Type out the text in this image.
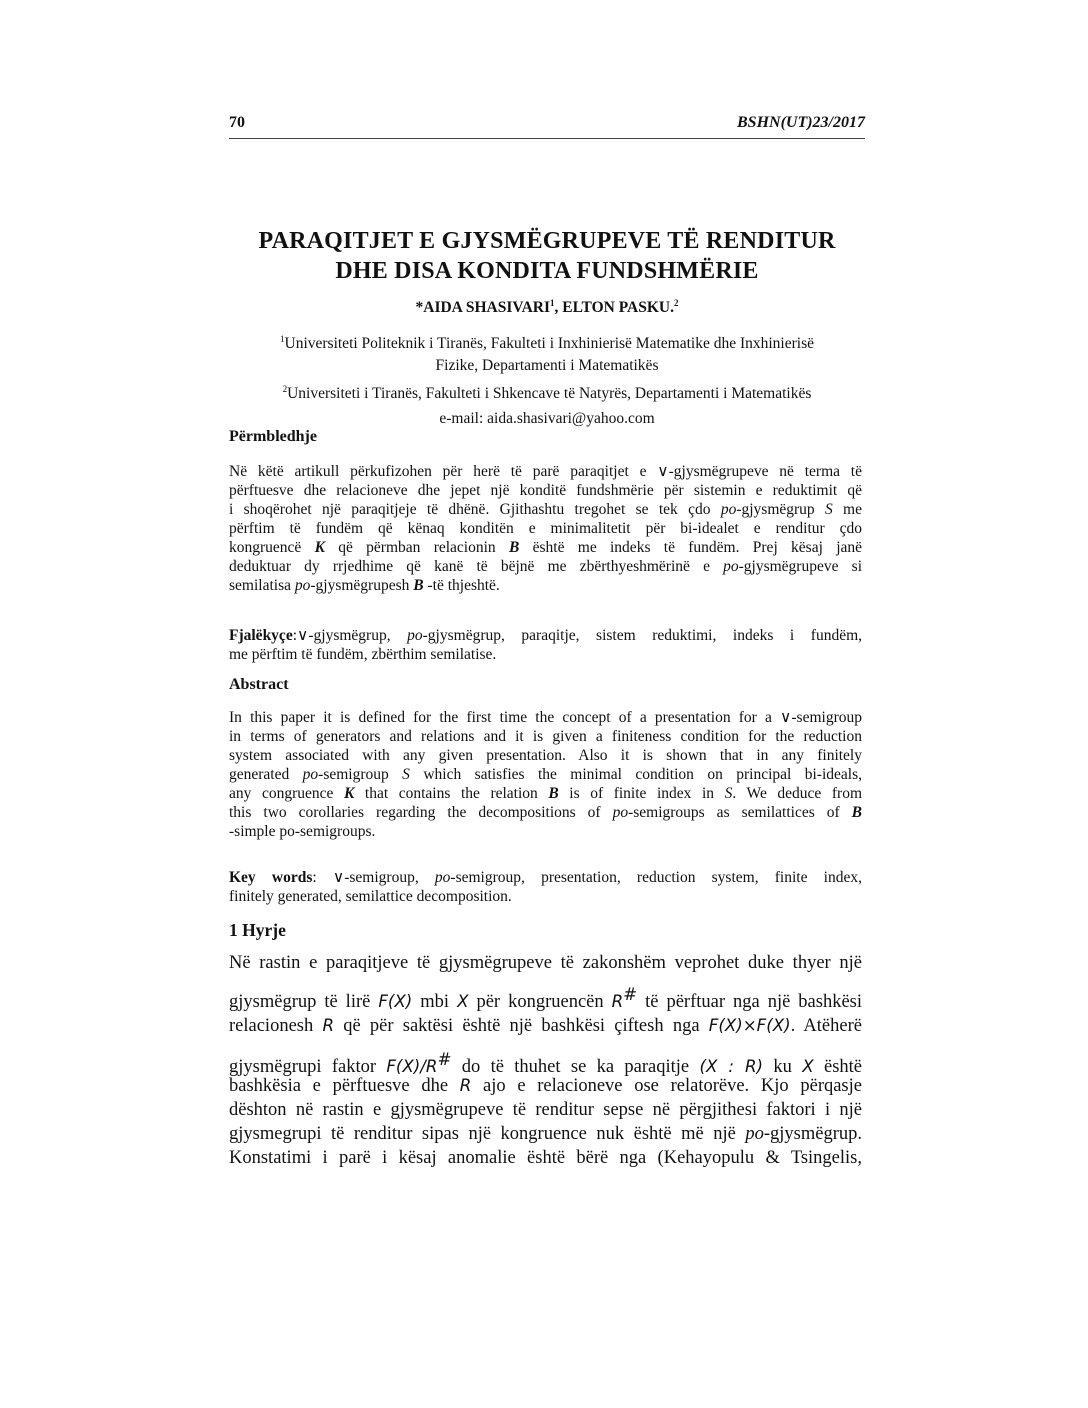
70	BSHN(UT)23/2017
PARAQITJET E GJYSMËGRUPEVE TË RENDITUR
DHE DISA KONDITA FUNDSHMËRIE
*AIDA SHASIVARI$^1$, ELTON PASKU.$^2$
$^1$Universiteti Politeknik i Tiranës, Fakulteti i Inxhinierisë Matematike dhe Inxhinierisë
Fizike, Departamenti i Matematikës
$^2$Universiteti i Tiranës, Fakulteti i Shkencave të Natyrës, Departamenti i Matematikës
e-mail: aida.shasivari@yahoo.com
Përmbledhje
Në këtë artikull përkufizohen për herë të parë paraqitjet e ∨-gjysmëgrupeve në terma të
përftuesve dhe relacioneve dhe jepet një konditë fundshmërie për sistemin e reduktimit që
i shoqërohet një paraqitjeje të dhënë. Gjithashtu tregohet se tek çdo po-gjysmëgrup S me
përftim të fundëm që kënaq konditën e minimalitetit për bi-idealet e renditur çdo
kongruencë K që përmban relacionin B është me indeks të fundëm. Prej kësaj janë
deduktuar dy rrjedhime që kanë të bëjnë me zbërthyeshmërinë e po-gjysmëgrupeve si
semilatisa po-gjysmëgrupesh B -të thjeshtë.
Fjalëkyçe:∨-gjysmëgrup, po-gjysmëgrup, paraqitje, sistem reduktimi, indeks i fundëm,
me përftim të fundëm, zbërthim semilatise.
Abstract
In this paper it is defined for the first time the concept of a presentation for a ∨-semigroup
in terms of generators and relations and it is given a finiteness condition for the reduction
system associated with any given presentation. Also it is shown that in any finitely
generated po-semigroup S which satisfies the minimal condition on principal bi-ideals,
any congruence K that contains the relation B is of finite index in S. We deduce from
this two corollaries regarding the decompositions of po-semigroups as semilattices of B
-simple po-semigroups.
Key words: ∨-semigroup, po-semigroup, presentation, reduction system, finite index,
finitely generated, semilattice decomposition.
1 Hyrje
Në rastin e paraqitjeve të gjysmëgrupeve të zakonshëm veprohet duke thyer një
gjysmëgrup të lirë F(X) mbi X për kongruencën R# të përftuar nga një bashkësi
relacionesh R që për saktësi është një bashkësi çiftesh nga F(X)×F(X). Atëherë
gjysmëgrupi faktor F(X)/R# do të thuhet se ka paraqitje (X : R) ku X është
bashkësia e përftuesve dhe R ajo e relacioneve ose relatorëve. Kjo përqasje
dështon në rastin e gjysmëgrupeve të renditur sepse në përgjithesi faktori i një
gjysmegrupi të renditur sipas një kongruence nuk është më një po-gjysmëgrup.
Konstatimi i parë i kësaj anomalie është bërë nga (Kehayopulu & Tsingelis,
